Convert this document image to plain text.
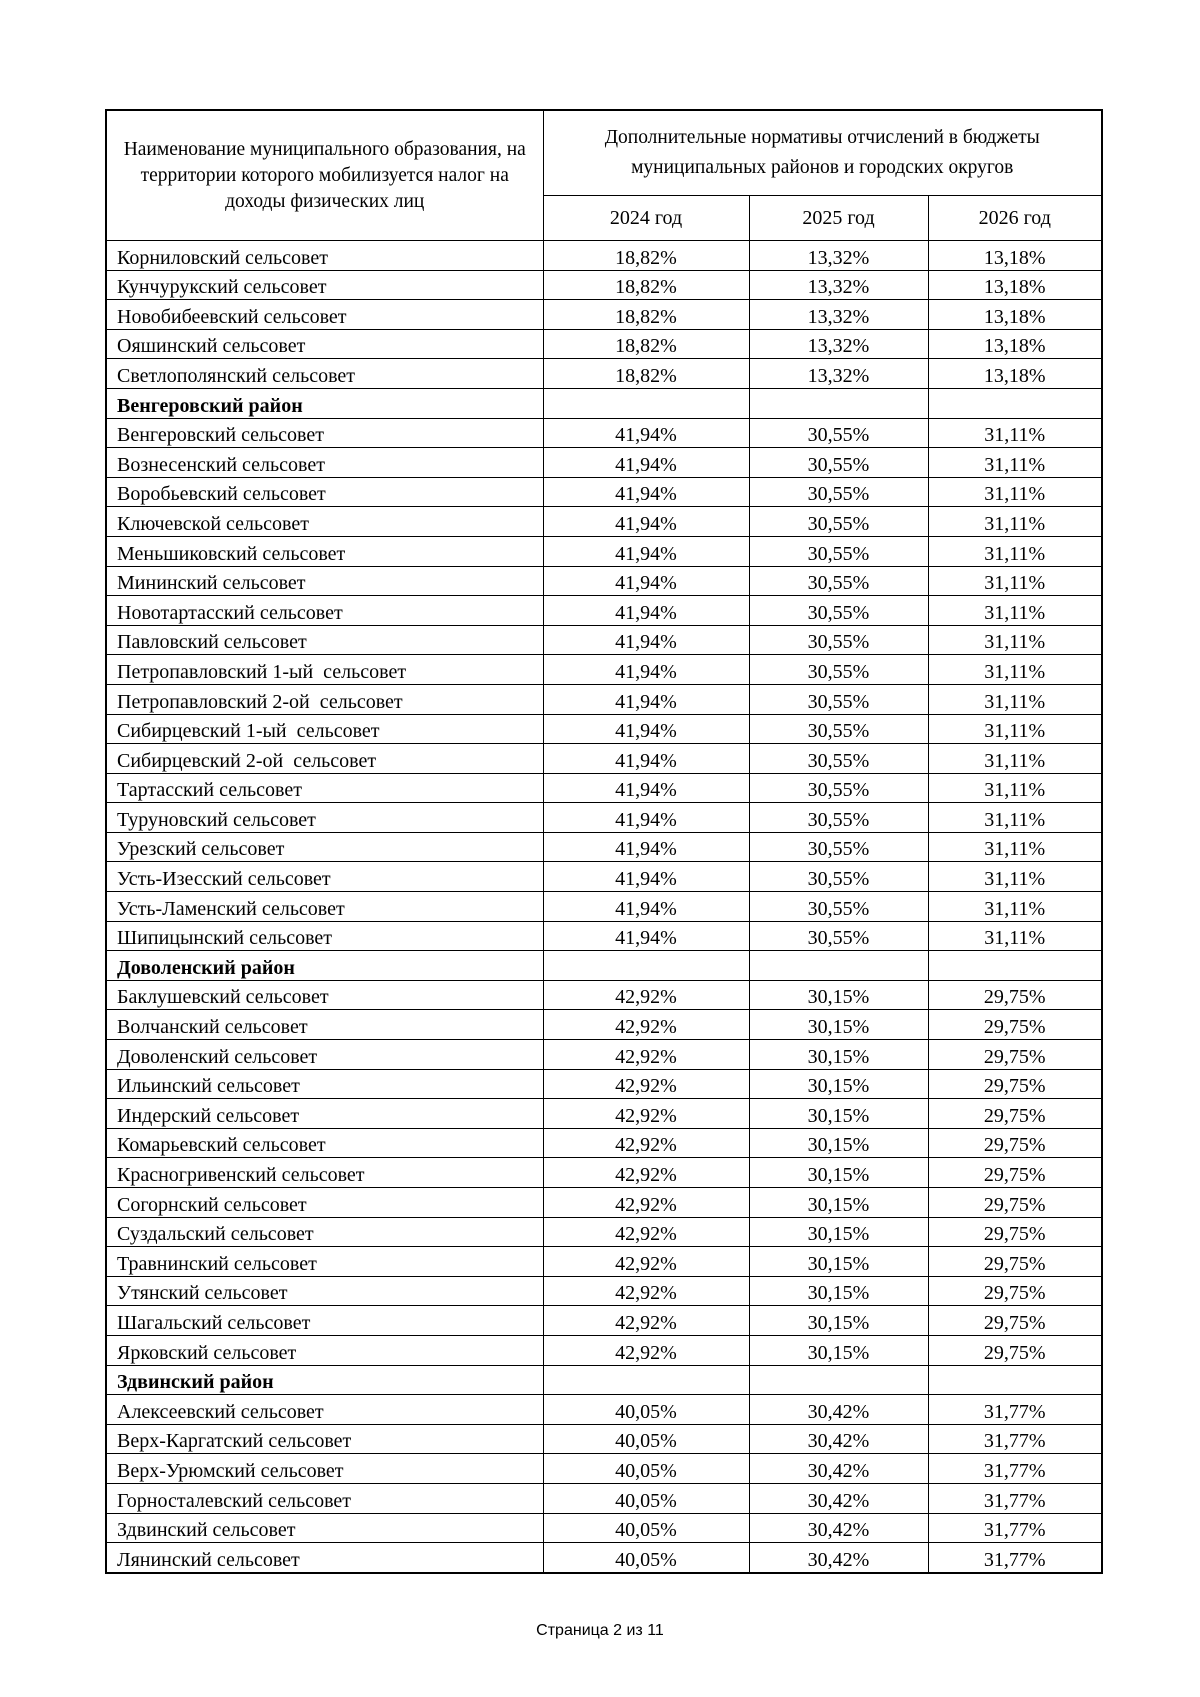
Наименование муниципального образования, на территории которого мобилизуется налог на доходы физических лиц	Дополнительные нормативы отчислений в бюджеты муниципальных районов и городских округов		
	2024 год	2025 год	2026 год
Корниловский сельсовет	18,82%	13,32%	13,18%
Кунчурукский сельсовет	18,82%	13,32%	13,18%
Новобибеевский сельсовет	18,82%	13,32%	13,18%
Ояшинский сельсовет	18,82%	13,32%	13,18%
Светлополянский сельсовет	18,82%	13,32%	13,18%
Венгеровский район			
Венгеровский сельсовет	41,94%	30,55%	31,11%
Вознесенский сельсовет	41,94%	30,55%	31,11%
Воробьевский сельсовет	41,94%	30,55%	31,11%
Ключевской сельсовет	41,94%	30,55%	31,11%
Меньшиковский сельсовет	41,94%	30,55%	31,11%
Мининский сельсовет	41,94%	30,55%	31,11%
Новотартасский сельсовет	41,94%	30,55%	31,11%
Павловский сельсовет	41,94%	30,55%	31,11%
Петропавловский 1-ый  сельсовет	41,94%	30,55%	31,11%
Петропавловский 2-ой  сельсовет	41,94%	30,55%	31,11%
Сибирцевский 1-ый  сельсовет	41,94%	30,55%	31,11%
Сибирцевский 2-ой  сельсовет	41,94%	30,55%	31,11%
Тартасский сельсовет	41,94%	30,55%	31,11%
Туруновский сельсовет	41,94%	30,55%	31,11%
Урезский сельсовет	41,94%	30,55%	31,11%
Усть-Изесский сельсовет	41,94%	30,55%	31,11%
Усть-Ламенский сельсовет	41,94%	30,55%	31,11%
Шипицынский сельсовет	41,94%	30,55%	31,11%
Доволенский район			
Баклушевский сельсовет	42,92%	30,15%	29,75%
Волчанский сельсовет	42,92%	30,15%	29,75%
Доволенский сельсовет	42,92%	30,15%	29,75%
Ильинский сельсовет	42,92%	30,15%	29,75%
Индерский сельсовет	42,92%	30,15%	29,75%
Комарьевский сельсовет	42,92%	30,15%	29,75%
Красногривенский сельсовет	42,92%	30,15%	29,75%
Согорнский сельсовет	42,92%	30,15%	29,75%
Суздальский сельсовет	42,92%	30,15%	29,75%
Травнинский сельсовет	42,92%	30,15%	29,75%
Утянский сельсовет	42,92%	30,15%	29,75%
Шагальский сельсовет	42,92%	30,15%	29,75%
Ярковский сельсовет	42,92%	30,15%	29,75%
Здвинский район			
Алексеевский сельсовет	40,05%	30,42%	31,77%
Верх-Каргатский сельсовет	40,05%	30,42%	31,77%
Верх-Урюмский сельсовет	40,05%	30,42%	31,77%
Горносталевский сельсовет	40,05%	30,42%	31,77%
Здвинский сельсовет	40,05%	30,42%	31,77%
Лянинский сельсовет	40,05%	30,42%	31,77%
Страница 2 из 11
